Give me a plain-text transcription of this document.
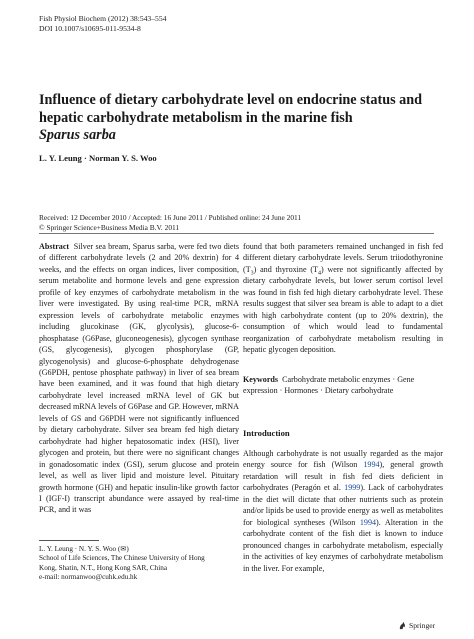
Fish Physiol Biochem (2012) 38:543–554
DOI 10.1007/s10695-011-9534-8
Influence of dietary carbohydrate level on endocrine status and hepatic carbohydrate metabolism in the marine fish
Sparus sarba
L. Y. Leung · Norman Y. S. Woo
Received: 12 December 2010 / Accepted: 16 June 2011 / Published online: 24 June 2011
© Springer Science+Business Media B.V. 2011

Abstract Silver sea bream, Sparus sarba, were fed two diets of different carbohydrate levels (2 and 20% dextrin) for 4 weeks, and the effects on organ indices, liver composition, serum metabolite and hormone levels and gene expression profile of key enzymes of carbohydrate metabolism in the liver were investigated. By using real-time PCR, mRNA expression levels of carbohydrate metabolic enzymes including glucokinase (GK, glycolysis), glucose-6-phosphatase (G6Pase, gluconeogenesis), glycogen synthase (GS, glycogenesis), glycogen phosphorylase (GP, glycogenolysis) and glucose-6-phosphate dehydrogenase (G6PDH, pentose phosphate pathway) in liver of sea bream have been examined, and it was found that high dietary carbohydrate level increased mRNA level of GK but decreased mRNA levels of G6Pase and GP. However, mRNA levels of GS and G6PDH were not significantly influenced by dietary carbohydrate. Silver sea bream fed high dietary carbohydrate had higher hepatosomatic index (HSI), liver glycogen and protein, but there were no significant changes in gonadosomatic index (GSI), serum glucose and protein level, as well as liver lipid and moisture level. Pituitary growth hormone (GH) and hepatic insulin-like growth factor I (IGF-I) transcript abundance were assayed by real-time PCR, and it was

found that both parameters remained unchanged in fish fed different dietary carbohydrate levels. Serum triiodothyronine $(T_3)$ and thyroxine $(T_4)$ were not significantly affected by dietary carbohydrate levels, but lower serum cortisol level was found in fish fed high dietary carbohydrate level. These results suggest that silver sea bream is able to adapt to a diet with high carbohydrate content (up to 20% dextrin), the consumption of which would lead to fundamental reorganization of carbohydrate metabolism resulting in hepatic glycogen deposition.

Keywords Carbohydrate metabolic enzymes · Gene expression · Hormones · Dietary carbohydrate
Introduction
Although carbohydrate is not usually regarded as the major energy source for fish (Wilson 1994), general growth retardation will result in fish fed diets deficient in carbohydrates (Peragón et al. 1999). Lack of carbohydrates in the diet will dictate that other nutrients such as protein and/or lipids be used to provide energy as well as metabolites for biological syntheses (Wilson 1994). Alteration in the carbohydrate content of the fish diet is known to induce pronounced changes in carbohydrate metabolism, especially in the activities of key enzymes of carbohydrate metabolism in the liver. For example,
L. Y. Leung · N. Y. S. Woo (✉)
School of Life Sciences, The Chinese University of Hong
Kong, Shatin, N.T., Hong Kong SAR, China
e-mail: normanwoo@cuhk.edu.hk
Springer
